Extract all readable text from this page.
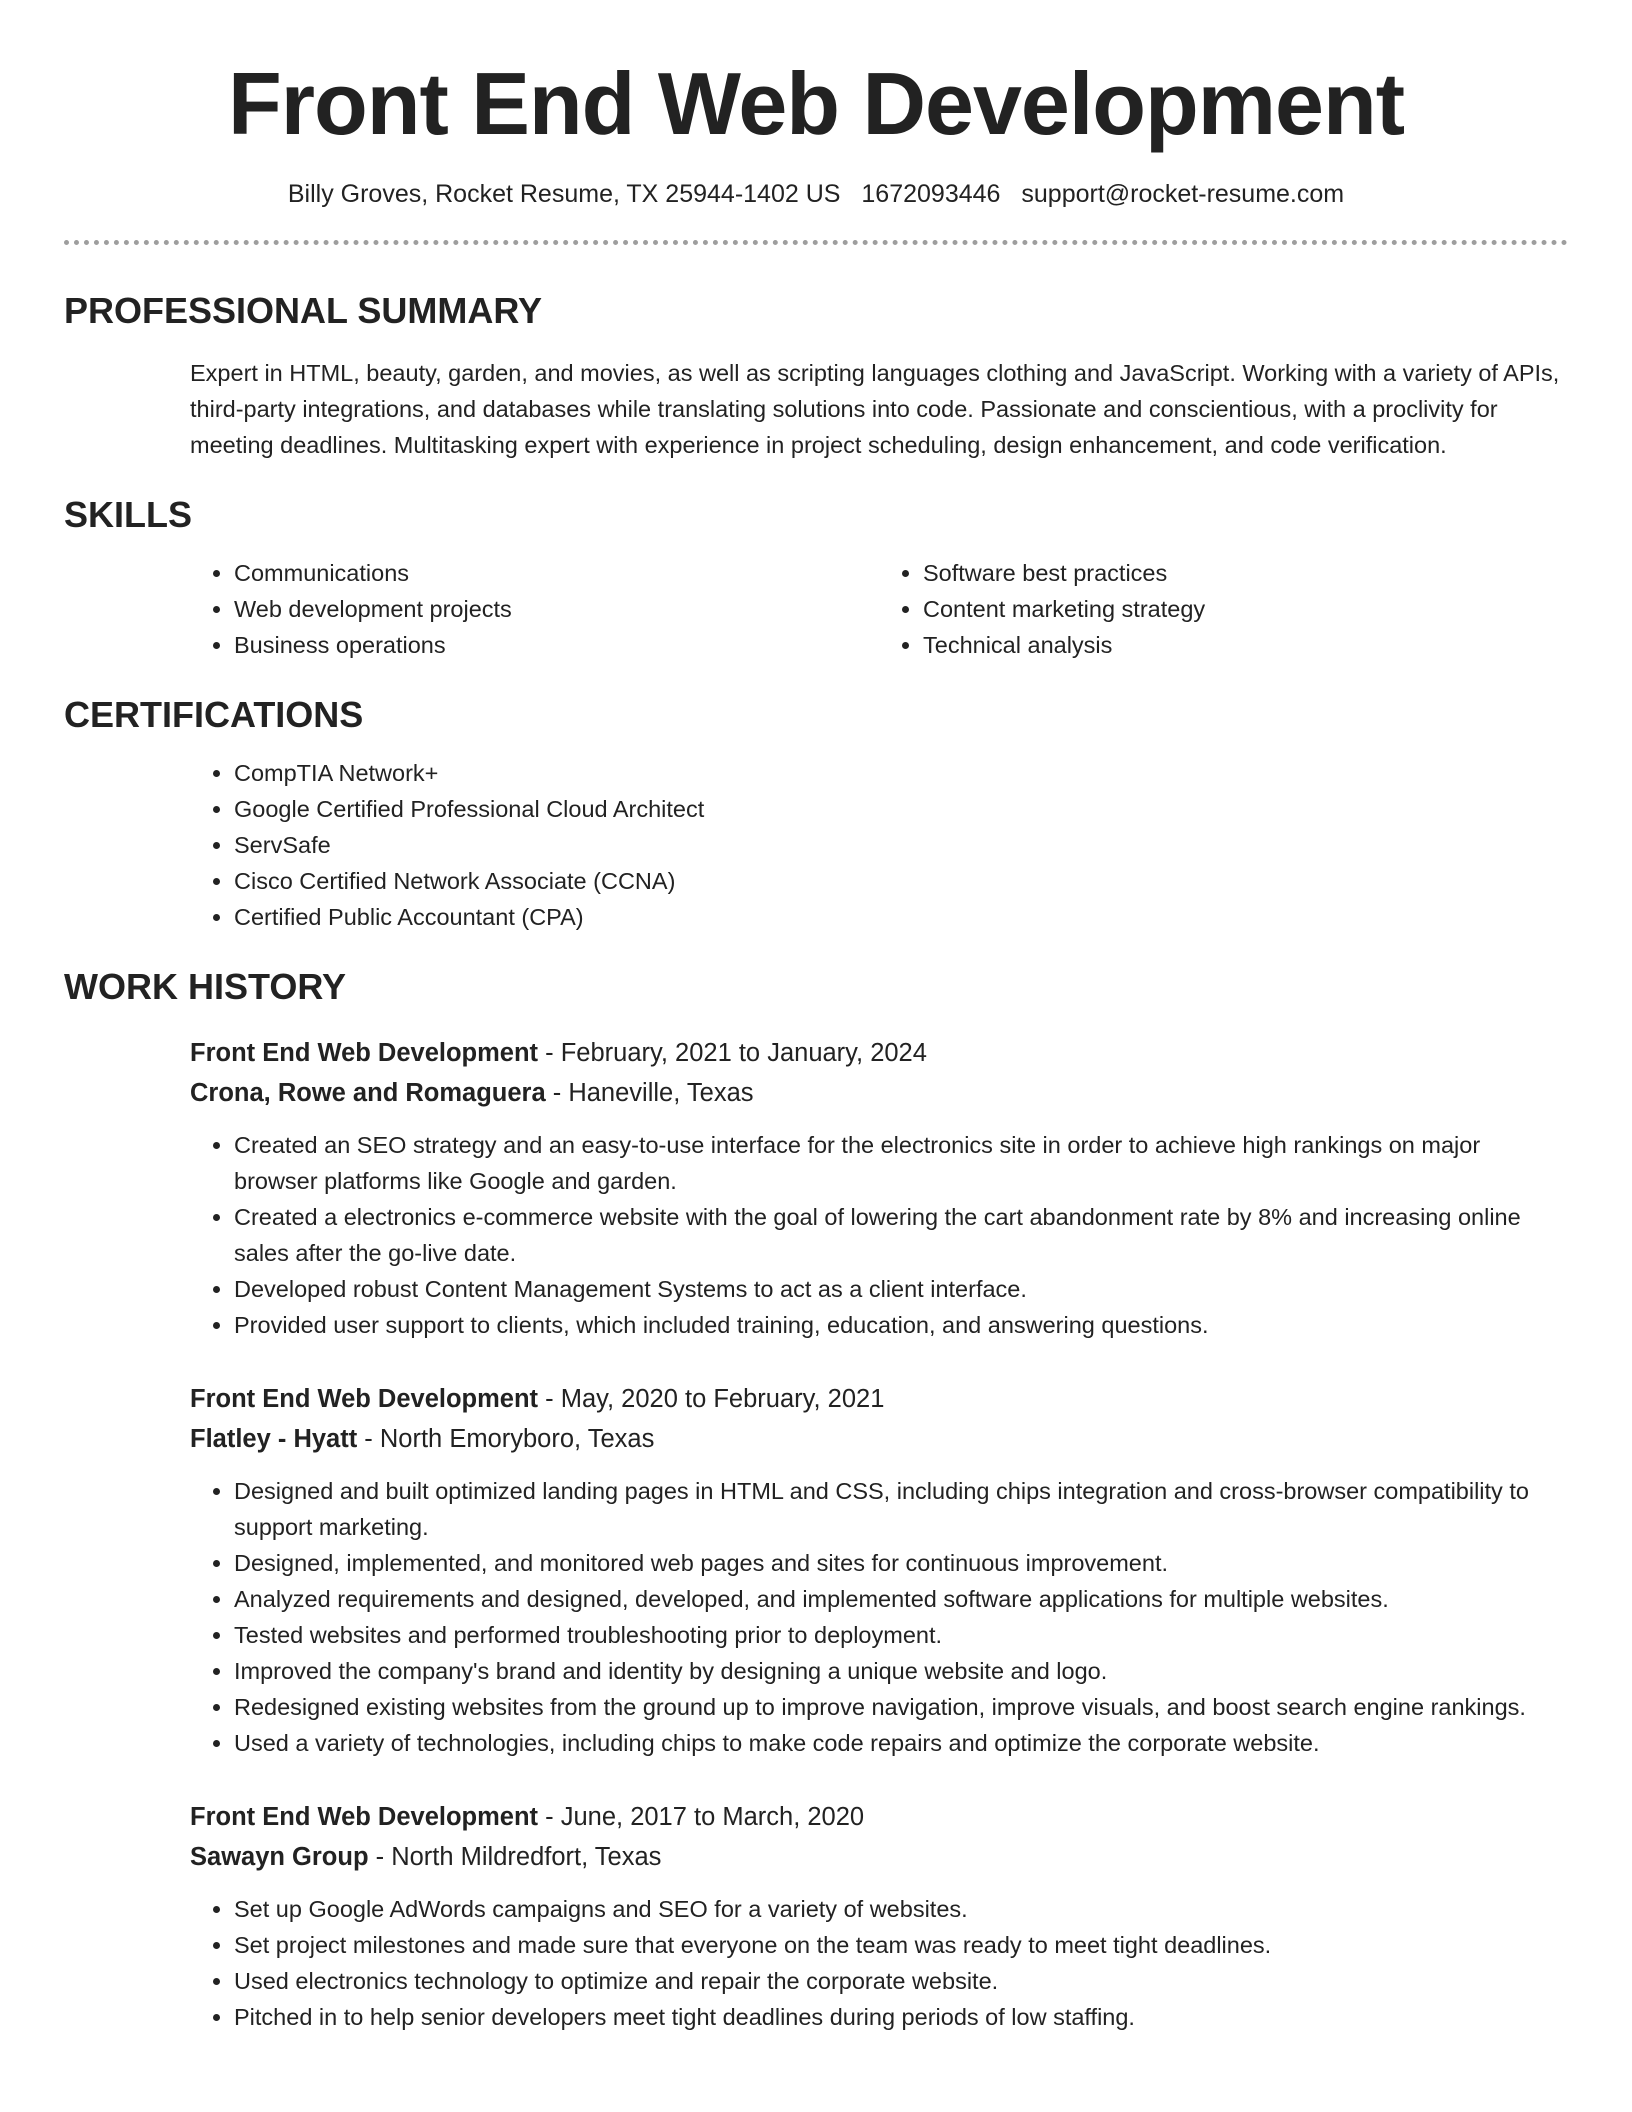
Front End Web Development
Billy Groves, Rocket Resume, TX 25944-1402 US 1672093446 support@rocket-resume.com
PROFESSIONAL SUMMARY

Expert in HTML, beauty, garden, and movies, as well as scripting languages clothing and JavaScript. Working with a variety of APIs, third-party integrations, and databases while translating solutions into code. Passionate and conscientious, with a proclivity for meeting deadlines. Multitasking expert with experience in project scheduling, design enhancement, and code verification.

SKILLS
• Communications
• Web development projects
• Business operations
• Software best practices
• Content marketing strategy
• Technical analysis
CERTIFICATIONS
• CompTIA Network+
• Google Certified Professional Cloud Architect
• ServSafe
• Cisco Certified Network Associate (CCNA)
• Certified Public Accountant (CPA)
WORK HISTORY
Front End Web Development - February, 2021 to January, 2024
Crona, Rowe and Romaguera - Haneville, Texas
• Created an SEO strategy and an easy-to-use interface for the electronics site in order to achieve high rankings on major browser platforms like Google and garden.
• Created a electronics e-commerce website with the goal of lowering the cart abandonment rate by 8% and increasing online sales after the go-live date.
• Developed robust Content Management Systems to act as a client interface.
• Provided user support to clients, which included training, education, and answering questions.
Front End Web Development - May, 2020 to February, 2021
Flatley - Hyatt - North Emoryboro, Texas
• Designed and built optimized landing pages in HTML and CSS, including chips integration and cross-browser compatibility to support marketing.
• Designed, implemented, and monitored web pages and sites for continuous improvement.
• Analyzed requirements and designed, developed, and implemented software applications for multiple websites.
• Tested websites and performed troubleshooting prior to deployment.
• Improved the company's brand and identity by designing a unique website and logo.
• Redesigned existing websites from the ground up to improve navigation, improve visuals, and boost search engine rankings.
• Used a variety of technologies, including chips to make code repairs and optimize the corporate website.
Front End Web Development - June, 2017 to March, 2020
Sawayn Group - North Mildredfort, Texas
• Set up Google AdWords campaigns and SEO for a variety of websites.
• Set project milestones and made sure that everyone on the team was ready to meet tight deadlines.
• Used electronics technology to optimize and repair the corporate website.
• Pitched in to help senior developers meet tight deadlines during periods of low staffing.
